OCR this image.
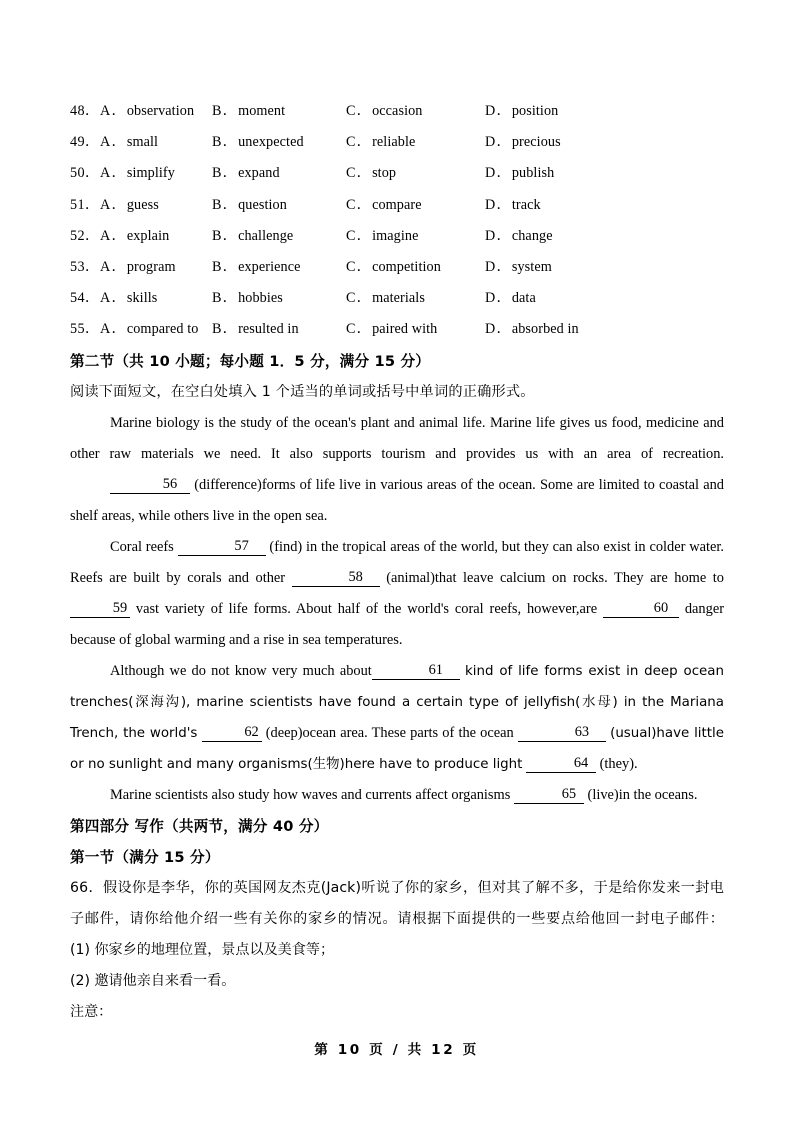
48． A．observation B．moment	C．occasion	D．position
49． A．small	B．unexpected	C．reliable	D．precious
50． A．simplify	B．expand	C．stop	D．publish
51． A．guess	B．question	C．compare	D．track
52． A．explain	B．challenge	C．imagine	D．change
53． A．program	B．experience	C．competition	D．system
54． A．skills	B．hobbies	C．materials	D．data
55． A．compared to B．resulted in	C．paired with	D．absorbed in

第二节（共 10 小题；每小题 1．5 分，满分 15 分）

阅读下面短文，在空白处填入 1 个适当的单词或括号中单词的正确形式。

Marine biology is the study of the ocean's plant and animal life. Marine life gives us food, medicine and other raw materials we need. It also supports tourism and provides us with an area of recreation.

56 (difference)forms of life live in various areas of the ocean. Some are limited to coastal and shelf areas, while others live in the open sea.

Coral reefs	57 (find) in the tropical areas of the world, but they can also exist in colder water. Reefs are built by corals and other	58 (animal)that leave calcium on rocks. They are home to 59 vast variety of life forms. About half of the world's coral reefs, however,are	60 danger because of global warming and a rise in sea temperatures.

Although we do not know very much about	61 kind of life forms exist in deep ocean trenches(深海沟), marine scientists have found a certain type of jellyfish(水母) in the Mariana Trench, the world's	62 (deep)ocean area. These parts of the ocean	63 (usual)have little or no sunlight and many organisms(生物)here have to produce light	64 (they).

Marine scientists also study how waves and currents affect organisms	65 (live)in the oceans.

第四部分 写作（共两节，满分 40 分）

第一节（满分 15 分）

66．假设你是李华，你的英国网友杰克(Jack)听说了你的家乡，但对其了解不多，于是给你发来一封电子邮件，请你给他介绍一些有关你的家乡的情况。请根据下面提供的一些要点给他回一封电子邮件：

(1) 你家乡的地理位置，景点以及美食等；

(2) 邀请他亲自来看一看。

注意：

第 10 页 / 共 12 页
